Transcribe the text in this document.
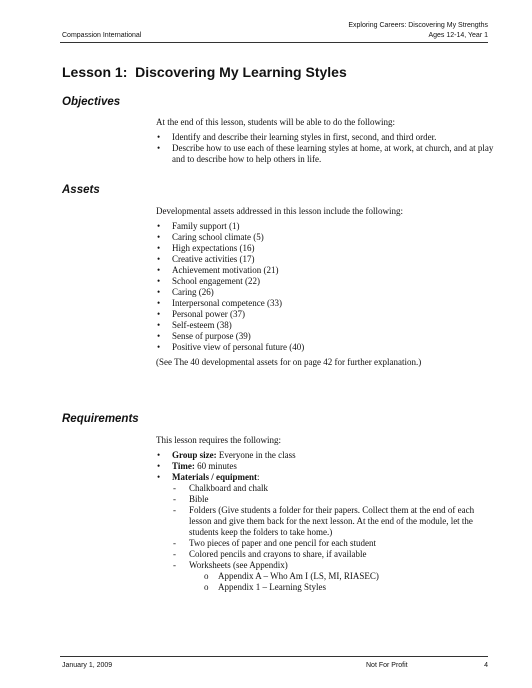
Compassion International
Exploring Careers: Discovering My Strengths
Ages 12-14, Year 1
Lesson 1:  Discovering My Learning Styles
Objectives

At the end of this lesson, students will be able to do the following:

• Identify and describe their learning styles in first, second, and third order.
• Describe how to use each of these learning styles at home, at work, at church, and at play and to describe how to help others in life.
Assets

Developmental assets addressed in this lesson include the following:

• Family support (1)
• Caring school climate (5)
• High expectations (16)
• Creative activities (17)
• Achievement motivation (21)
• School engagement (22)
• Caring (26)
• Interpersonal competence (33)
• Personal power (37)
• Self-esteem (38)
• Sense of purpose (39)
• Positive view of personal future (40)

(See The 40 developmental assets for on page 42 for further explanation.)

Requirements

This lesson requires the following:

• Group size: Everyone in the class
• Time: 60 minutes
• Materials / equipment:
- Chalkboard and chalk
- Bible
- Folders (Give students a folder for their papers. Collect them at the end of each lesson and give them back for the next lesson. At the end of the module, let the students keep the folders to take home.)
- Two pieces of paper and one pencil for each student
- Colored pencils and crayons to share, if available
- Worksheets (see Appendix)
o Appendix A – Who Am I (LS, MI, RIASEC)
o Appendix 1 – Learning Styles
January 1, 2009	Not For Profit	4
